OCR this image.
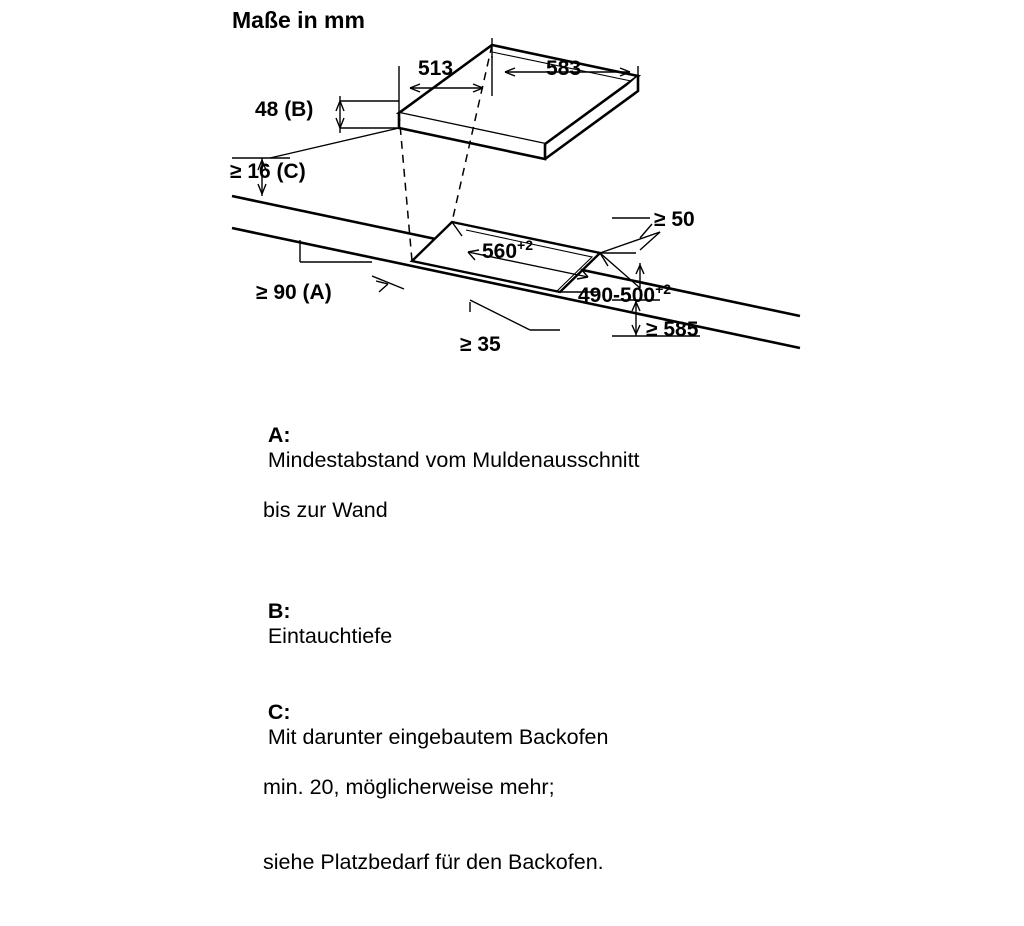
Maße in mm
513	583
48 (B)
≥ 16 (C)
≥ 50
$560^{+2}$
≥ 90 (A)	$490-500^{+2}$
≥ 35
≥ 585

A:
Mindestabstand vom Muldenausschnitt

bis zur Wand

B:
Eintauchtiefe

C:
Mit darunter eingebautem Backofen

min. 20, möglicherweise mehr;

siehe Platzbedarf für den Backofen.
